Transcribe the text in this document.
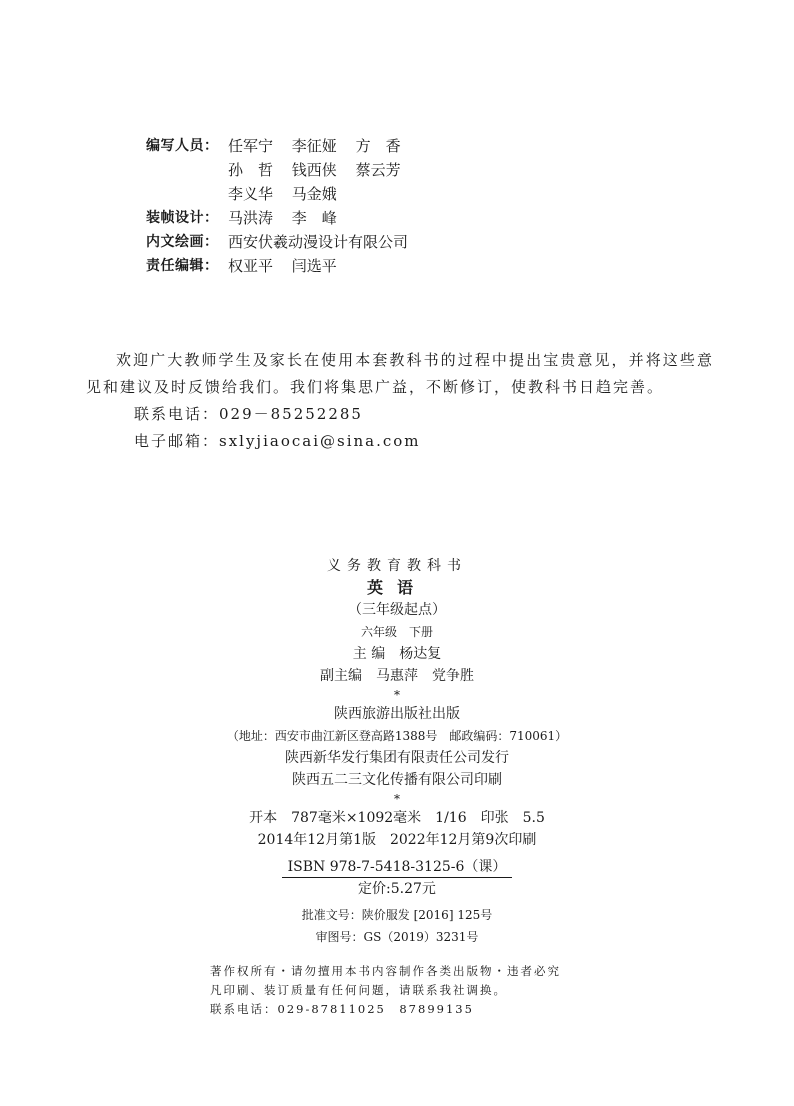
编写人员： 任军宁 李征娅 方　香
孙　哲 钱西侠 蔡云芳
李义华 马金娥
装帧设计： 马洪涛 李　峰
内文绘画： 西安伏羲动漫设计有限公司
责任编辑： 权亚平 闫选平

欢迎广大教师学生及家长在使用本套教科书的过程中提出宝贵意见，并将这些意见和建议及时反馈给我们。我们将集思广益，不断修订，使教科书日趋完善。

联系电话：029－85252285
电子邮箱：sxlyjiaocai@sina.com
义务教育教科书
英语
（三年级起点）
六年级　下册
主 编　杨达复
副主编　马惠萍　党争胜
*
陕西旅游出版社出版
（地址：西安市曲江新区登高路1388号　邮政编码：710061）
陕西新华发行集团有限责任公司发行
陕西五二三文化传播有限公司印刷
*
开本　787毫米×1092毫米　1/16　印张　5.5
2014年12月第1版　2022年12月第9次印刷
ISBN 978-7-5418-3125-6（课）
定价:5.27元
批准文号：陕价服发 [2016] 125号
审图号：GS（2019）3231号
著作权所有・请勿擅用本书内容制作各类出版物・违者必究
凡印刷、装订质量有任何问题，请联系我社调换。
联系电话：029-87811025　87899135
